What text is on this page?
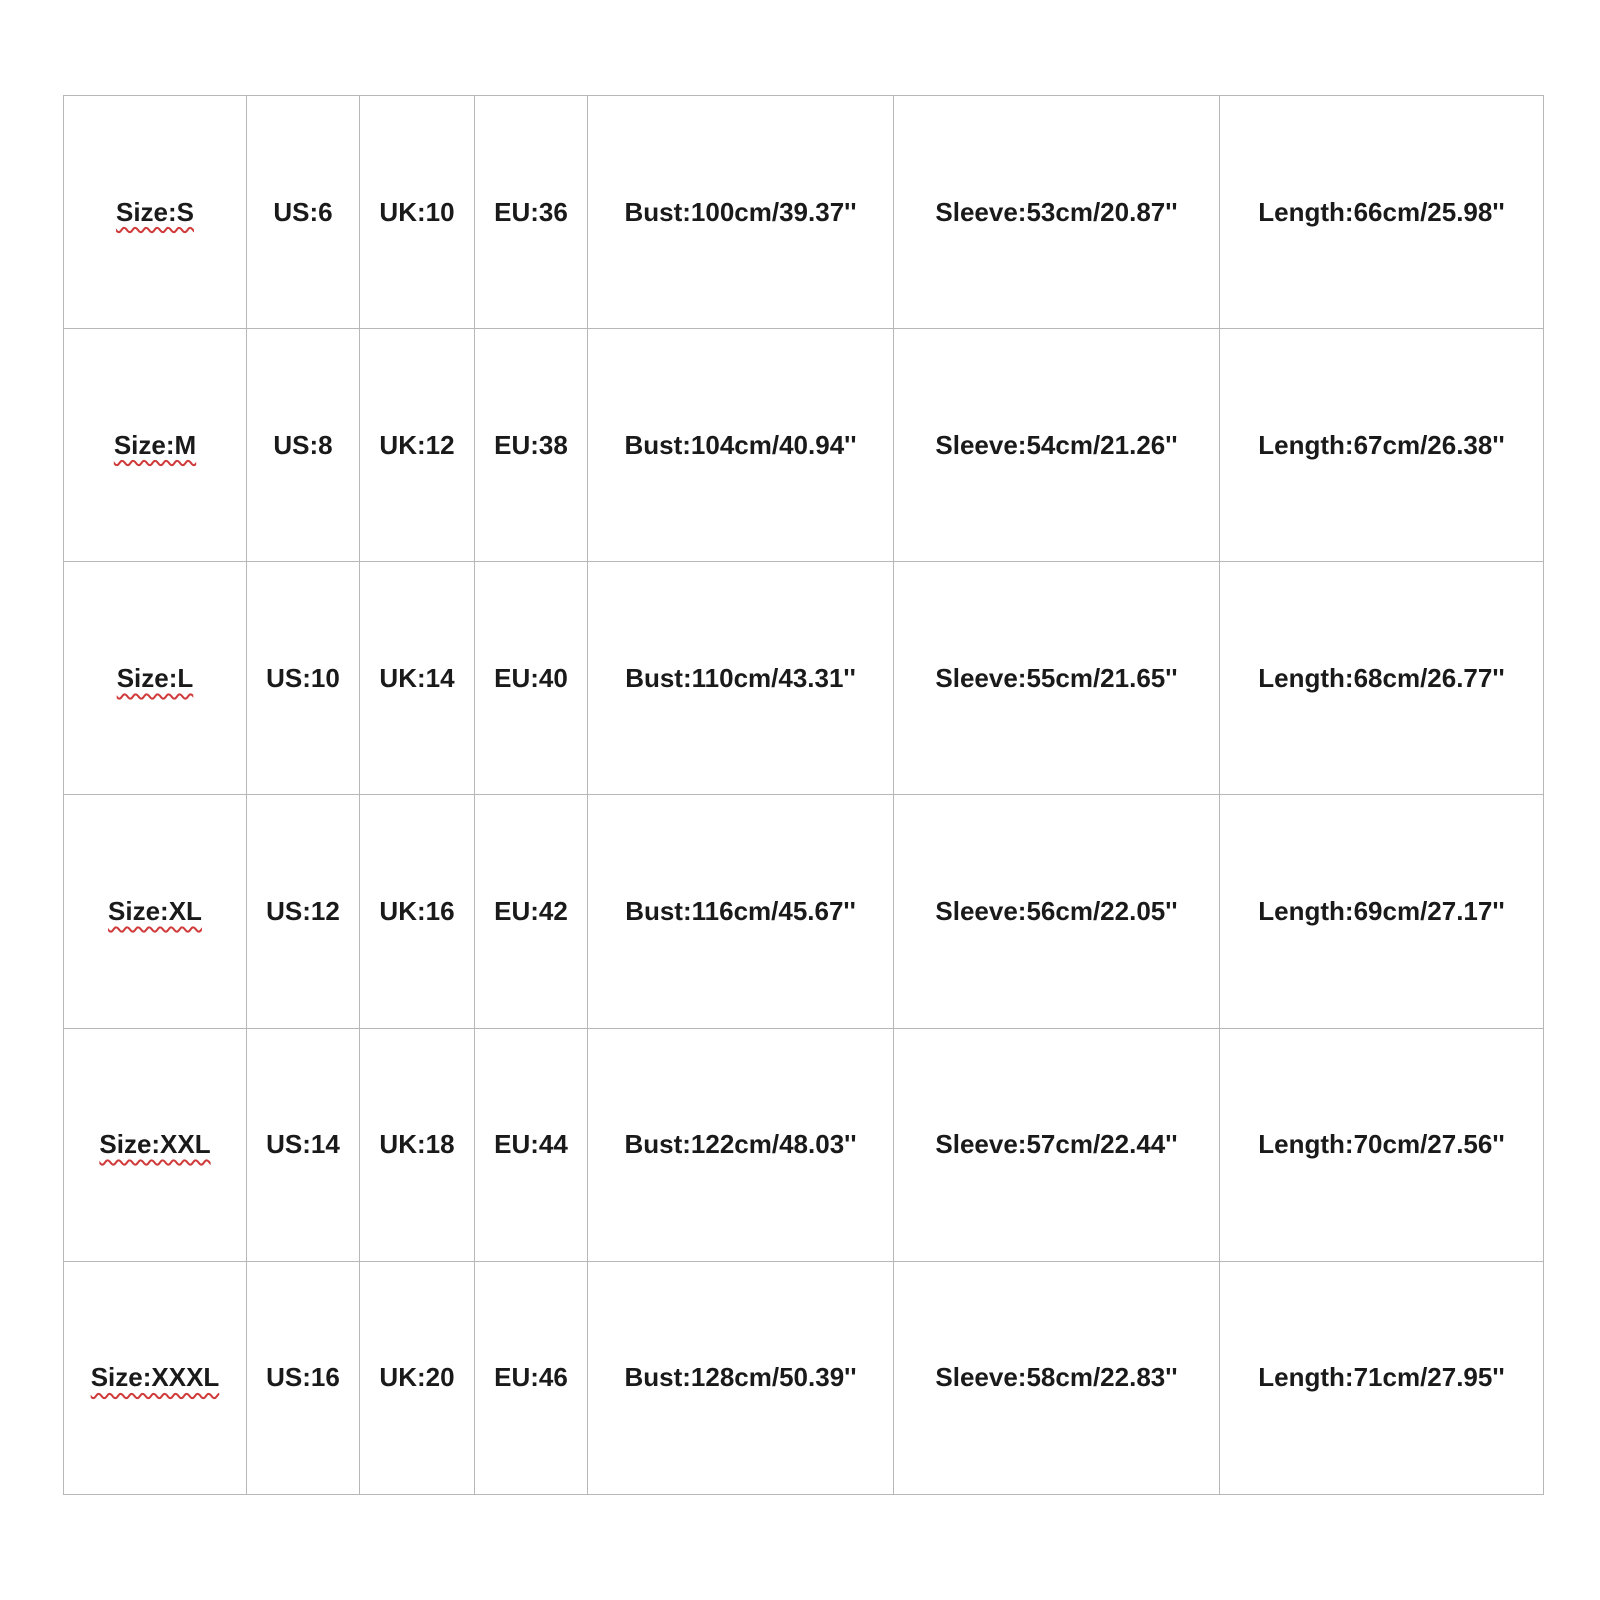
Size:S	US:6	UK:10	EU:36	Bust:100cm/39.37''	Sleeve:53cm/20.87''	Length:66cm/25.98''
Size:M	US:8	UK:12	EU:38	Bust:104cm/40.94''	Sleeve:54cm/21.26''	Length:67cm/26.38''
Size:L	US:10	UK:14	EU:40	Bust:110cm/43.31''	Sleeve:55cm/21.65''	Length:68cm/26.77''
Size:XL	US:12	UK:16	EU:42	Bust:116cm/45.67''	Sleeve:56cm/22.05''	Length:69cm/27.17''
Size:XXL	US:14	UK:18	EU:44	Bust:122cm/48.03''	Sleeve:57cm/22.44''	Length:70cm/27.56''
Size:XXXL	US:16	UK:20	EU:46	Bust:128cm/50.39''	Sleeve:58cm/22.83''	Length:71cm/27.95''
